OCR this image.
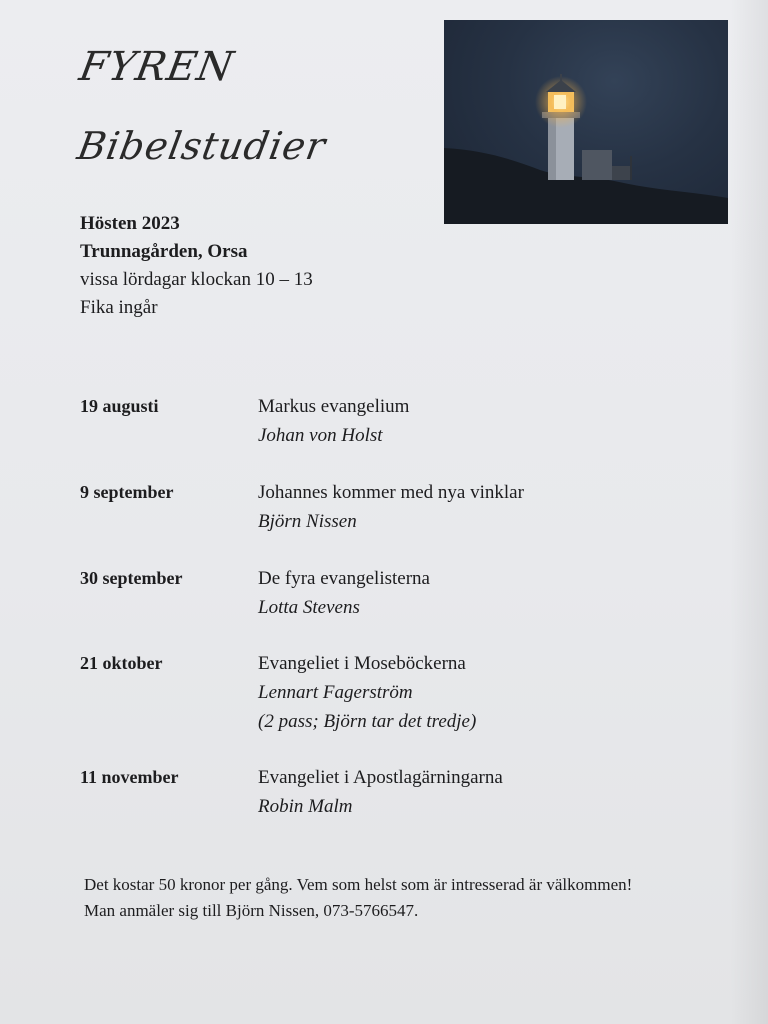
FYREN
Bibelstudier
Hösten 2023
Trunnagården, Orsa
vissa lördagar klockan 10 – 13
Fika ingår
19 augusti	Markus evangelium
Johan von Holst
9 september	Johannes kommer med nya vinklar
Björn Nissen
30 september	De fyra evangelisterna
Lotta Stevens
21 oktober	Evangeliet i Moseböckerna
Lennart Fagerström
(2 pass; Björn tar det tredje)
11 november	Evangeliet i Apostlagärningarna
Robin Malm
Det kostar 50 kronor per gång. Vem som helst som är intresserad är välkommen!
Man anmäler sig till Björn Nissen, 073-5766547.
